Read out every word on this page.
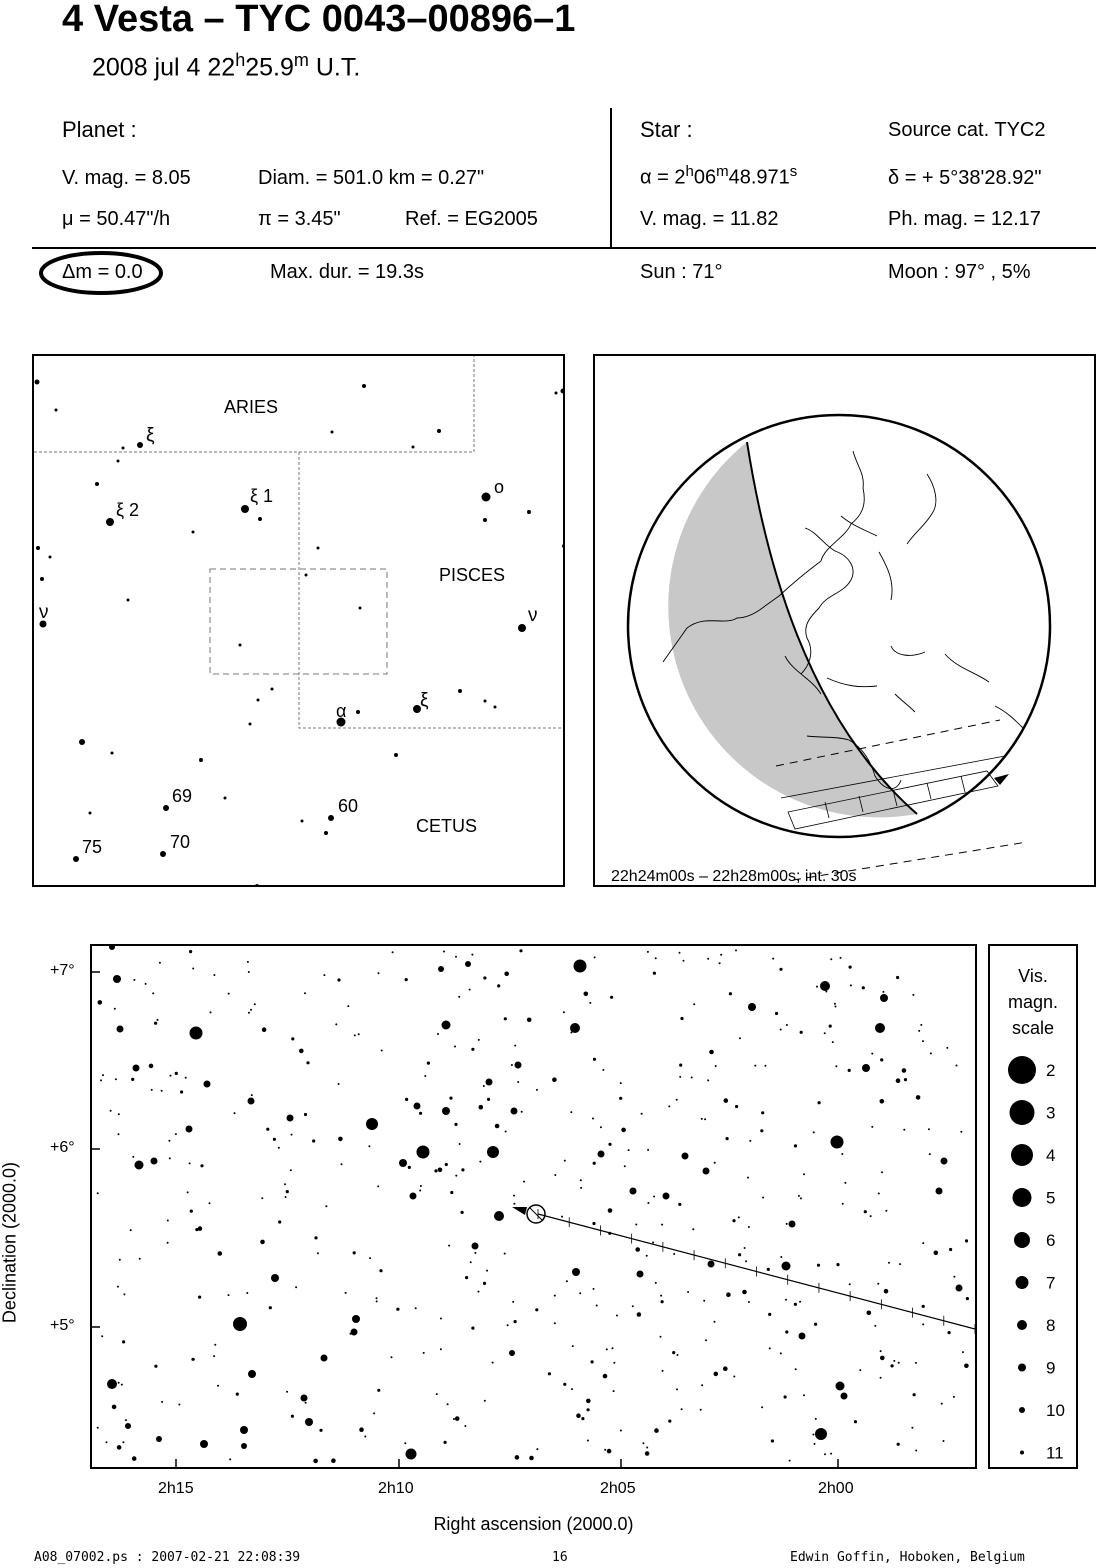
4 Vesta – TYC 0043–00896–1
2008 jul 4 22$^h$25.9$^m$ U.T.
Planet :
V. mag. = 8.05	Diam. = 501.0 km = 0.27"
μ = 50.47"/h	π = 3.45"	Ref. = EG2005
Star :	Source cat. TYC2
$\alpha = 2^h06^m48.971^s$	δ = + 5°38'28.92"
V. mag. = 11.82	Ph. mag. = 12.17
Δm = 0.0	Max. dur. = 19.3s	Sun : 71°	Moon : 97° , 5%
ARIES
PISCES
CETUS
ξ
ξ 2
ξ 1	o
ν	ν
α	ξ
69	60
75	70
22h24m00s – 22h28m00s; int. 30s
Declination (2000.0)
+7°
+6°
+5°
2h15	2h10	2h05	2h00
Right ascension (2000.0)
Vis.
magn.
scale
2
3
4
5
6
7
8
9
10
11
A08_07002.ps : 2007-02-21 22:08:39	16	Edwin Goffin, Hoboken, Belgium
